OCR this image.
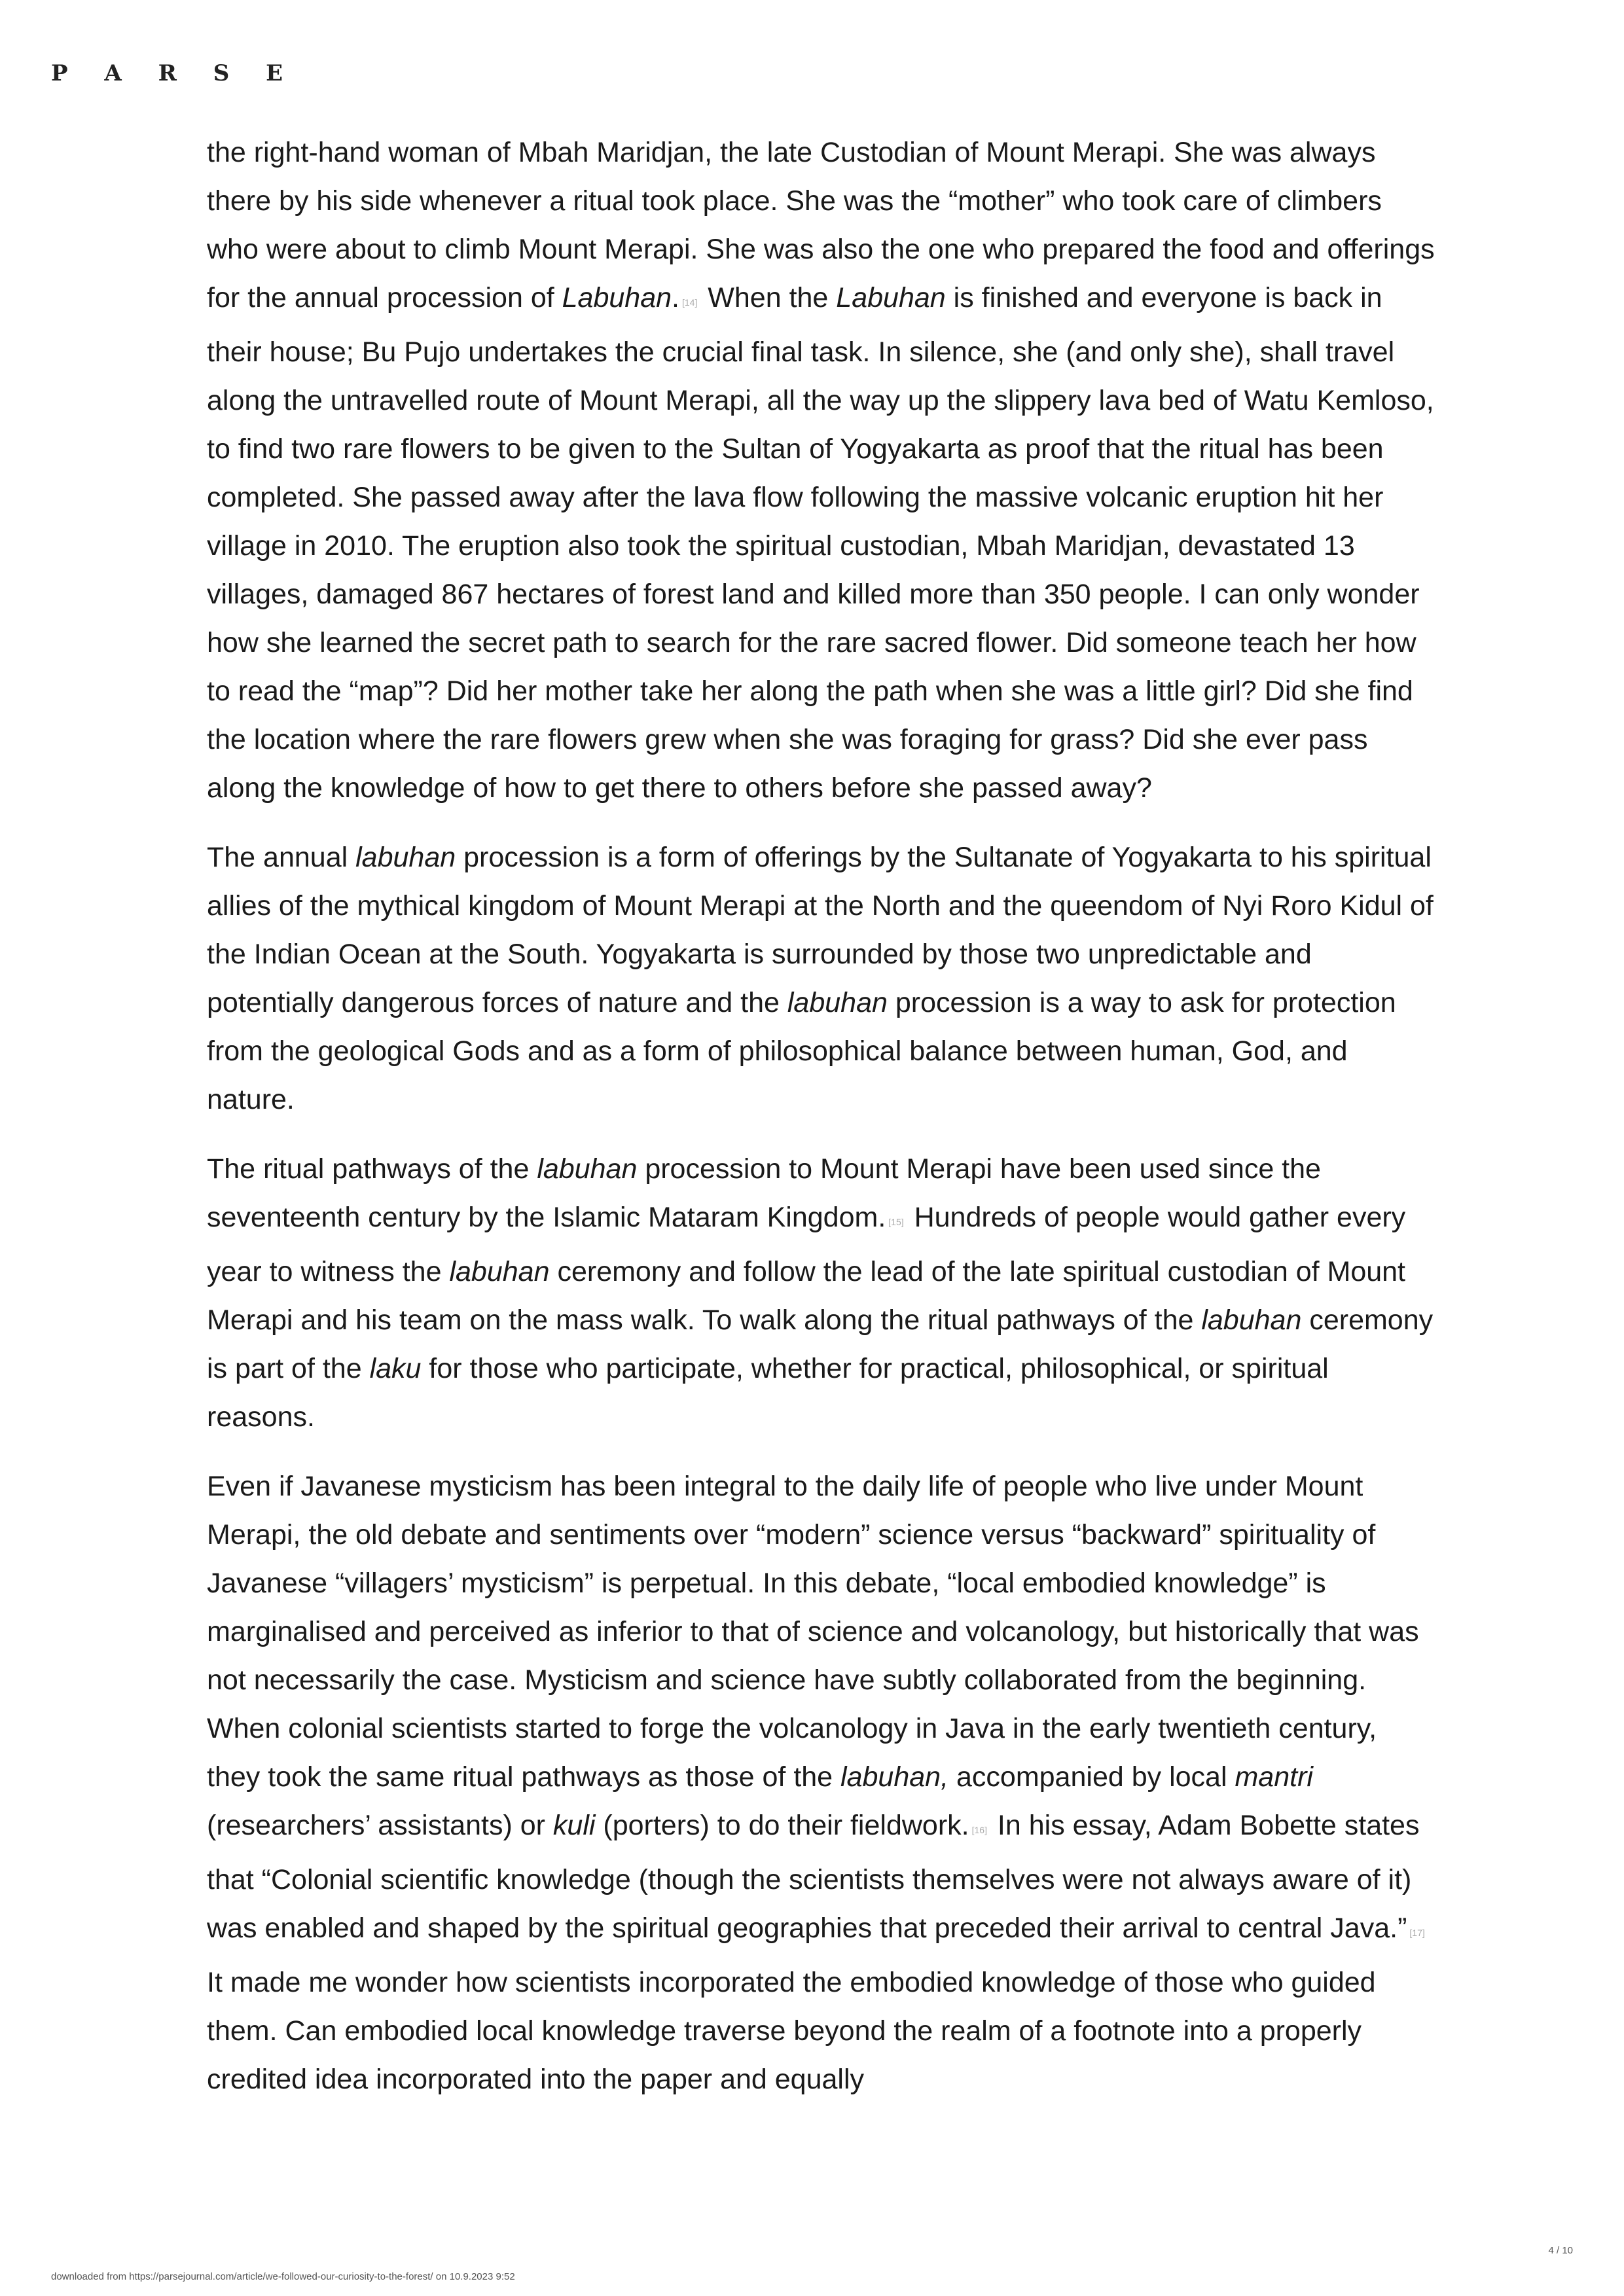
P A R S E

the right-hand woman of Mbah Maridjan, the late Custodian of Mount Merapi. She was always there by his side whenever a ritual took place. She was the “mother” who took care of climbers who were about to climb Mount Merapi. She was also the one who prepared the food and offerings for the annual procession of Labuhan. [14] When the Labuhan is finished and everyone is back in their house; Bu Pujo undertakes the crucial final task. In silence, she (and only she), shall travel along the untravelled route of Mount Merapi, all the way up the slippery lava bed of Watu Kemloso, to find two rare flowers to be given to the Sultan of Yogyakarta as proof that the ritual has been completed. She passed away after the lava flow following the massive volcanic eruption hit her village in 2010. The eruption also took the spiritual custodian, Mbah Maridjan, devastated 13 villages, damaged 867 hectares of forest land and killed more than 350 people. I can only wonder how she learned the secret path to search for the rare sacred flower. Did someone teach her how to read the “map”? Did her mother take her along the path when she was a little girl? Did she find the location where the rare flowers grew when she was foraging for grass? Did she ever pass along the knowledge of how to get there to others before she passed away?

The annual labuhan procession is a form of offerings by the Sultanate of Yogyakarta to his spiritual allies of the mythical kingdom of Mount Merapi at the North and the queendom of Nyi Roro Kidul of the Indian Ocean at the South. Yogyakarta is surrounded by those two unpredictable and potentially dangerous forces of nature and the labuhan procession is a way to ask for protection from the geological Gods and as a form of philosophical balance between human, God, and nature.

The ritual pathways of the labuhan procession to Mount Merapi have been used since the seventeenth century by the Islamic Mataram Kingdom. [15] Hundreds of people would gather every year to witness the labuhan ceremony and follow the lead of the late spiritual custodian of Mount Merapi and his team on the mass walk. To walk along the ritual pathways of the labuhan ceremony is part of the laku for those who participate, whether for practical, philosophical, or spiritual reasons.

Even if Javanese mysticism has been integral to the daily life of people who live under Mount Merapi, the old debate and sentiments over “modern” science versus “backward” spirituality of Javanese “villagers’ mysticism” is perpetual. In this debate, “local embodied knowledge” is marginalised and perceived as inferior to that of science and volcanology, but historically that was not necessarily the case. Mysticism and science have subtly collaborated from the beginning. When colonial scientists started to forge the volcanology in Java in the early twentieth century, they took the same ritual pathways as those of the labuhan, accompanied by local mantri (researchers’ assistants) or kuli (porters) to do their fieldwork. [16] In his essay, Adam Bobette states that “Colonial scientific knowledge (though the scientists themselves were not always aware of it) was enabled and shaped by the spiritual geographies that preceded their arrival to central Java.” [17] It made me wonder how scientists incorporated the embodied knowledge of those who guided them. Can embodied local knowledge traverse beyond the realm of a footnote into a properly credited idea incorporated into the paper and equally

4 / 10
downloaded from https://parsejournal.com/article/we-followed-our-curiosity-to-the-forest/ on 10.9.2023 9:52
